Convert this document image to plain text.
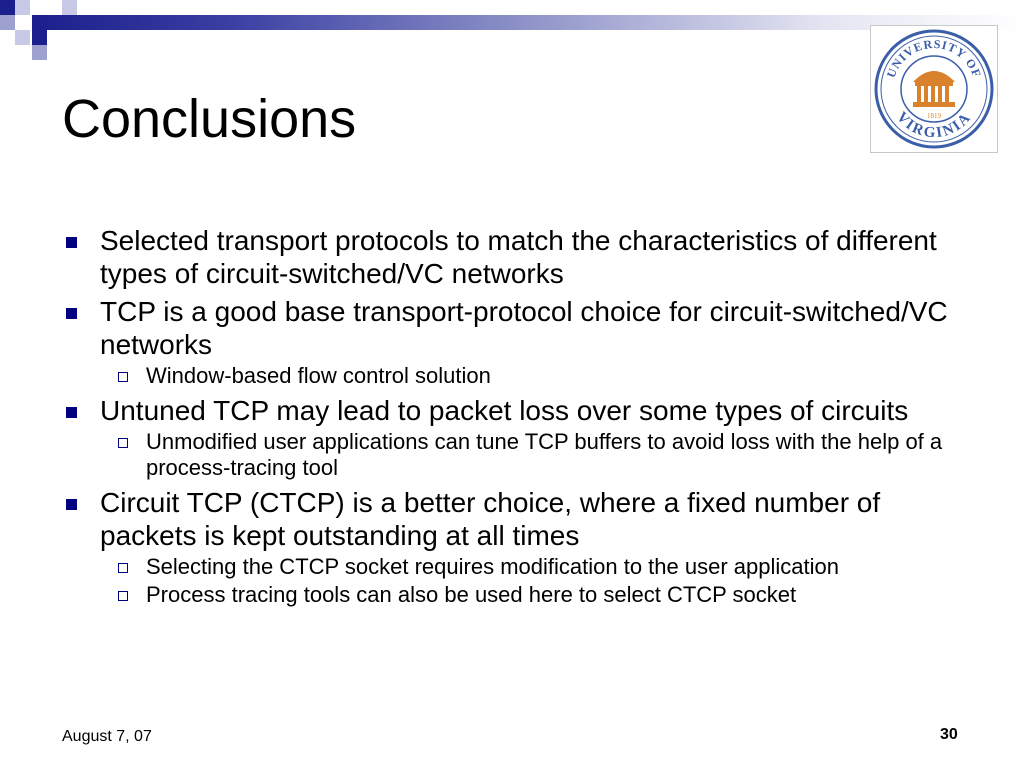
UNIVERSITY OF
VIRGINIA
1819
Conclusions
Selected transport protocols to match the characteristics of different types of circuit-switched/VC networks
TCP is a good base transport-protocol choice for circuit-switched/VC networks
Window-based flow control solution
Untuned TCP may lead to packet loss over some types of circuits
Unmodified user applications can tune TCP buffers to avoid loss with the help of a process-tracing tool
Circuit TCP (CTCP) is a better choice, where a fixed number of packets is kept outstanding at all times
Selecting the CTCP socket requires modification to the user application
Process tracing tools can also be used here to select CTCP socket
August 7, 07	30
